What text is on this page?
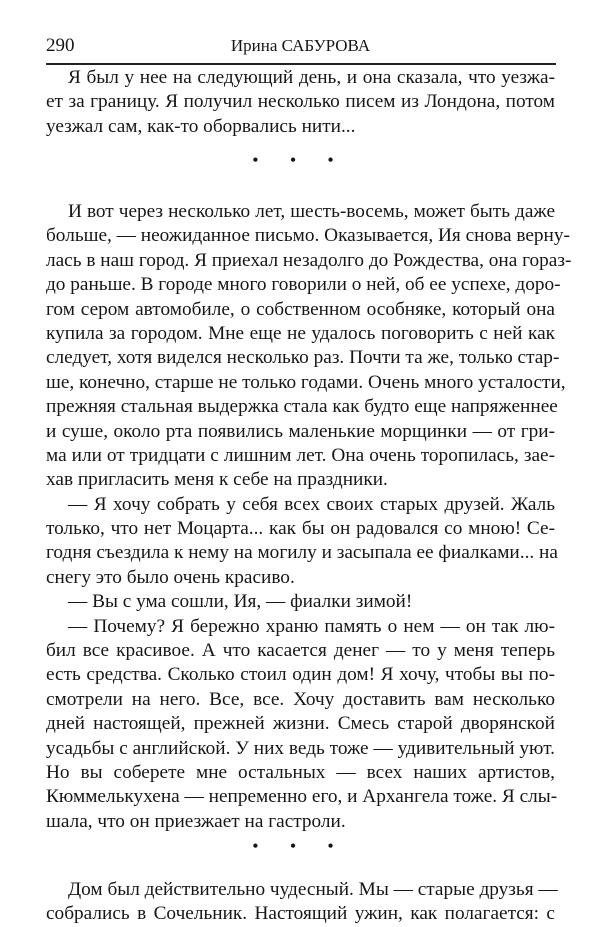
290	Ирина САБУРОВА
Я был у нее на следующий день, и она сказала, что уезжа-
ет за границу. Я получил несколько писем из Лондона, потом
уезжал сам, как-то оборвались нити...
• • •
И вот через несколько лет, шесть-восемь, может быть даже
больше, — неожиданное письмо. Оказывается, Ия снова верну-
лась в наш город. Я приехал незадолго до Рождества, она гораз-
до раньше. В городе много говорили о ней, об ее успехе, доро-
гом сером автомобиле, о собственном особняке, который она
купила за городом. Мне еще не удалось поговорить с ней как
следует, хотя виделся несколько раз. Почти та же, только стар-
ше, конечно, старше не только годами. Очень много усталости,
прежняя стальная выдержка стала как будто еще напряженнее
и суше, около рта появились маленькие морщинки — от гри-
ма или от тридцати с лишним лет. Она очень торопилась, зае-
хав пригласить меня к себе на праздники.
— Я хочу собрать у себя всех своих старых друзей. Жаль
только, что нет Моцарта... как бы он радовался со мною! Се-
годня съездила к нему на могилу и засыпала ее фиалками... на
снегу это было очень красиво.
— Вы с ума сошли, Ия, — фиалки зимой!
— Почему? Я бережно храню память о нем — он так лю-
бил все красивое. А что касается денег — то у меня теперь
есть средства. Сколько стоил один дом! Я хочу, чтобы вы по-
смотрели на него. Все, все. Хочу доставить вам несколько
дней настоящей, прежней жизни. Смесь старой дворянской
усадьбы с английской. У них ведь тоже — удивительный уют.
Но вы соберете мне остальных — всех наших артистов,
Кюммелькухена — непременно его, и Архангела тоже. Я слы-
шала, что он приезжает на гастроли.
• • •
Дом был действительно чудесный. Мы — старые друзья —
собрались в Сочельник. Настоящий ужин, как полагается: с
